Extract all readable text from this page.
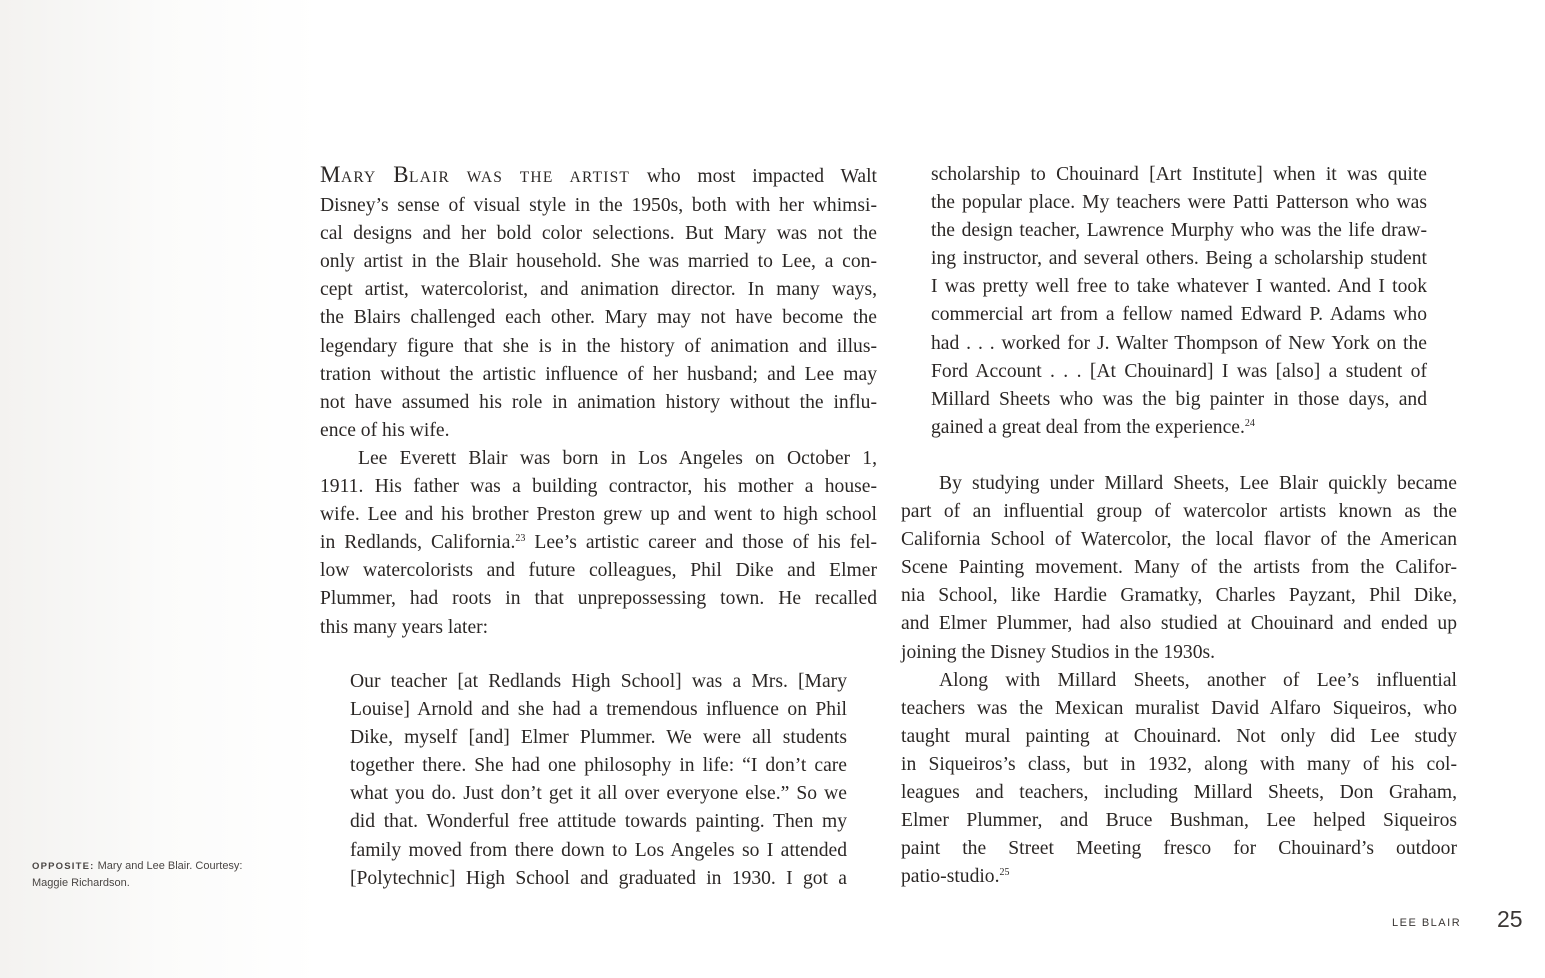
MARY BLAIR WAS THE ARTIST who most impacted Walt
Disney’s sense of visual style in the 1950s, both with her whimsi-
cal designs and her bold color selections. But Mary was not the
only artist in the Blair household. She was married to Lee, a con-
cept artist, watercolorist, and animation director. In many ways,
the Blairs challenged each other. Mary may not have become the
legendary figure that she is in the history of animation and illus-
tration without the artistic influence of her husband; and Lee may
not have assumed his role in animation history without the influ-
ence of his wife.
Lee Everett Blair was born in Los Angeles on October 1,
1911. His father was a building contractor, his mother a house-
wife. Lee and his brother Preston grew up and went to high school
in Redlands, California.$^{23}$ Lee’s artistic career and those of his fel-
low watercolorists and future colleagues, Phil Dike and Elmer
Plummer, had roots in that unprepossessing town. He recalled
this many years later:
Our teacher [at Redlands High School] was a Mrs. [Mary
Louise] Arnold and she had a tremendous influence on Phil
Dike, myself [and] Elmer Plummer. We were all students
together there. She had one philosophy in life: “I don’t care
what you do. Just don’t get it all over everyone else.” So we
did that. Wonderful free attitude towards painting. Then my
family moved from there down to Los Angeles so I attended
[Polytechnic] High School and graduated in 1930. I got a
scholarship to Chouinard [Art Institute] when it was quite
the popular place. My teachers were Patti Patterson who was
the design teacher, Lawrence Murphy who was the life draw-
ing instructor, and several others. Being a scholarship student
I was pretty well free to take whatever I wanted. And I took
commercial art from a fellow named Edward P. Adams who
had . . . worked for J. Walter Thompson of New York on the
Ford Account . . . [At Chouinard] I was [also] a student of
Millard Sheets who was the big painter in those days, and
gained a great deal from the experience.$^{24}$
By studying under Millard Sheets, Lee Blair quickly became
part of an influential group of watercolor artists known as the
California School of Watercolor, the local flavor of the American
Scene Painting movement. Many of the artists from the Califor-
nia School, like Hardie Gramatky, Charles Payzant, Phil Dike,
and Elmer Plummer, had also studied at Chouinard and ended up
joining the Disney Studios in the 1930s.
Along with Millard Sheets, another of Lee’s influential
teachers was the Mexican muralist David Alfaro Siqueiros, who
taught mural painting at Chouinard. Not only did Lee study
in Siqueiros’s class, but in 1932, along with many of his col-
leagues and teachers, including Millard Sheets, Don Graham,
Elmer Plummer, and Bruce Bushman, Lee helped Siqueiros
paint the Street Meeting fresco for Chouinard’s outdoor
patio-studio.$^{25}$
OPPOSITE: Mary and Lee Blair. Courtesy:
Maggie Richardson.
LEE BLAIR 25
